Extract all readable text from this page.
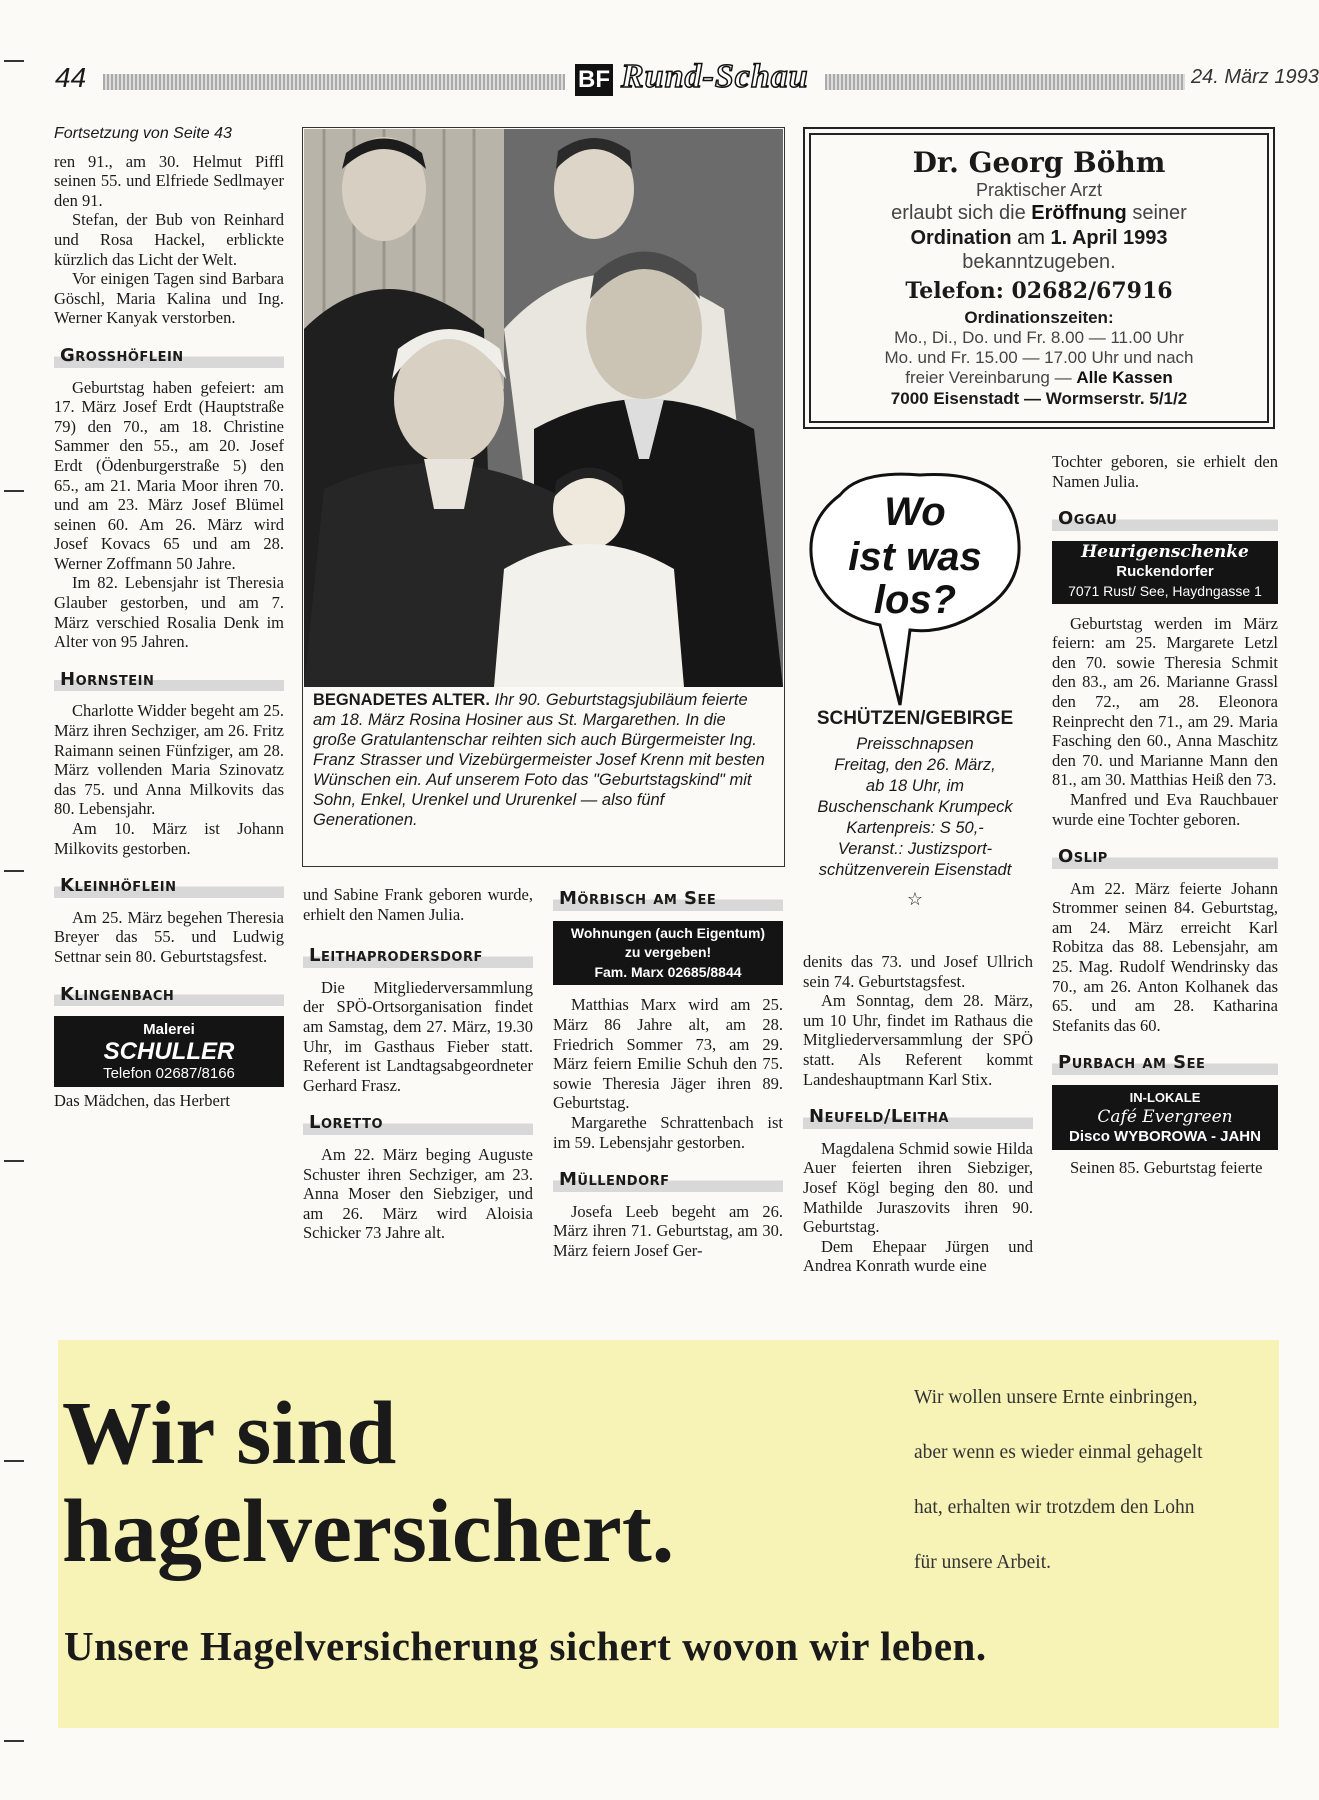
44	BF Rund-Schau	24. März 1993
Fortsetzung von Seite 43

ren 91., am 30. Helmut Piffl seinen 55. und Elfriede Sedlmayer den 91.

Stefan, der Bub von Reinhard und Rosa Hackel, erblickte kürzlich das Licht der Welt.

Vor einigen Tagen sind Barbara Göschl, Maria Kalina und Ing. Werner Kanyak verstorben.

Grosshöflein

Geburtstag haben gefeiert: am 17. März Josef Erdt (Hauptstraße 79) den 70., am 18. Christine Sammer den 55., am 20. Josef Erdt (Ödenburgerstraße 5) den 65., am 21. Maria Moor ihren 70. und am 23. März Josef Blümel seinen 60. Am 26. März wird Josef Kovacs 65 und am 28. Werner Zoffmann 50 Jahre.

Im 82. Lebensjahr ist Theresia Glauber gestorben, und am 7. März verschied Rosalia Denk im Alter von 95 Jahren.

Hornstein

Charlotte Widder begeht am 25. März ihren Sechziger, am 26. Fritz Raimann seinen Fünfziger, am 28. März vollenden Maria Szinovatz das 75. und Anna Milkovits das 80. Lebensjahr.

Am 10. März ist Johann Milkovits gestorben.

Kleinhöflein

Am 25. März begehen Theresia Breyer das 55. und Ludwig Settnar sein 80. Geburtstagsfest.

Klingenbach
Malerei
SCHULLER
Telefon 02687/8166

Das Mädchen, das Herbert

BEGNADETES ALTER. Ihr 90. Geburtstagsjubiläum feierte am 18. März Rosina Hosiner aus St. Margarethen. In die große Gratulantenschar reihten sich auch Bürgermeister Ing. Franz Strasser und Vizebürgermeister Josef Krenn mit besten Wünschen ein. Auf unserem Foto das "Geburtstagskind" mit Sohn, Enkel, Urenkel und Ururenkel — also fünf Generationen.

und Sabine Frank geboren wurde, erhielt den Namen Julia.

Leithaprodersdorf

Die Mitgliederversammlung der SPÖ-Ortsorganisation findet am Samstag, dem 27. März, 19.30 Uhr, im Gasthaus Fieber statt. Referent ist Landtagsabgeordneter Gerhard Frasz.

Loretto

Am 22. März beging Auguste Schuster ihren Sechziger, am 23. Anna Moser den Siebziger, und am 26. März wird Aloisia Schicker 73 Jahre alt.

Mörbisch am See
Wohnungen (auch Eigentum)
zu vergeben!
Fam. Marx 02685/8844

Matthias Marx wird am 25. März 86 Jahre alt, am 28. Friedrich Sommer 73, am 29. März feiern Emilie Schuh den 75. sowie Theresia Jäger ihren 89. Geburtstag.

Margarethe Schrattenbach ist im 59. Lebensjahr gestorben.

Müllendorf

Josefa Leeb begeht am 26. März ihren 71. Geburtstag, am 30. März feiern Josef Ger-

Dr. Georg Böhm
Praktischer Arzt
erlaubt sich die Eröffnung seiner
Ordination am 1. April 1993
bekanntzugeben.
Telefon: 02682/67916
Ordinationszeiten:
Mo., Di., Do. und Fr. 8.00 — 11.00 Uhr
Mo. und Fr. 15.00 — 17.00 Uhr und nach
freier Vereinbarung — Alle Kassen
7000 Eisenstadt — Wormserstr. 5/1/2
Wo
ist was
los?
SCHÜTZEN/GEBIRGE
Preisschnapsen
Freitag, den 26. März,
ab 18 Uhr, im
Buschenschank Krumpeck
Kartenpreis: S 50,-
Veranst.: Justizsport-
schützenverein Eisenstadt
☆

denits das 73. und Josef Ullrich sein 74. Geburtstagsfest.

Am Sonntag, dem 28. März, um 10 Uhr, findet im Rathaus die Mitgliederversammlung der SPÖ statt. Als Referent kommt Landeshauptmann Karl Stix.

Neufeld/Leitha

Magdalena Schmid sowie Hilda Auer feierten ihren Siebziger, Josef Kögl beging den 80. und Mathilde Juraszovits ihren 90. Geburtstag.

Dem Ehepaar Jürgen und Andrea Konrath wurde eine

Tochter geboren, sie erhielt den Namen Julia.

Oggau
Heurigenschenke
Ruckendorfer
7071 Rust/ See, Haydngasse 1

Geburtstag werden im März feiern: am 25. Margarete Letzl den 70. sowie Theresia Schmit den 83., am 26. Marianne Grassl den 72., am 28. Eleonora Reinprecht den 71., am 29. Maria Fasching den 60., Anna Maschitz den 70. und Marianne Mann den 81., am 30. Matthias Heiß den 73.

Manfred und Eva Rauchbauer wurde eine Tochter geboren.

Oslip

Am 22. März feierte Johann Strommer seinen 84. Geburtstag, am 24. März erreicht Karl Robitza das 88. Lebensjahr, am 25. Mag. Rudolf Wendrinsky das 70., am 26. Anton Kolhanek das 65. und am 28. Katharina Stefanits das 60.

Purbach am See
IN-LOKALE
Café Evergreen
Disco WYBOROWA - JAHN

Seinen 85. Geburtstag feierte

Wir sind
hagelversichert.
Wir wollen unsere Ernte einbringen,
aber wenn es wieder einmal gehagelt
hat, erhalten wir trotzdem den Lohn
für unsere Arbeit.
Unsere Hagelversicherung sichert wovon wir leben.
